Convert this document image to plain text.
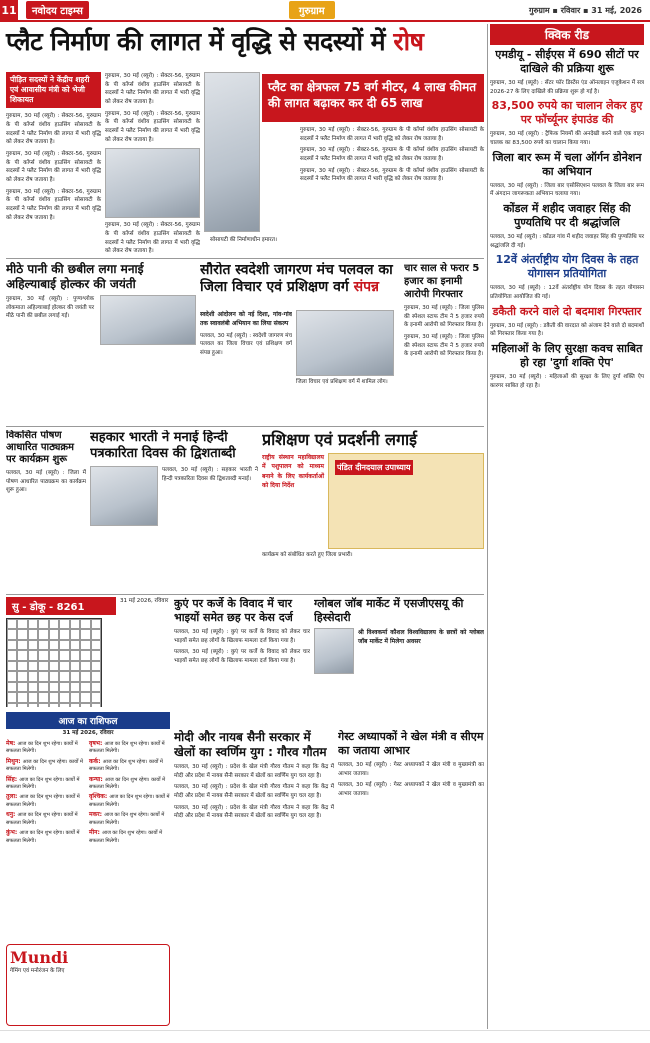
11	नवोदय टाइम्स	गुरुग्राम	गुरुग्राम ▪ रविवार ▪ 31 मई, 2026
प्लैट निर्माण की लागत में वृद्धि से सदस्यों में रोष
पीड़ित सदस्यों ने केंद्रीय शहरी एवं आवासीय मंत्री को भेजी शिकायत
गुरुग्राम, 30 मई (ब्यूरो) : सेक्टर-56, गुरुग्राम के पी कॉर्प्स वंशीय हाउसिंग सोसायटी के सदस्यों ने फ्लैट निर्माण की लागत में भारी वृद्धि को लेकर रोष जताया है।
गुरुग्राम, 30 मई (ब्यूरो) : सेक्टर-56, गुरुग्राम के पी कॉर्प्स वंशीय हाउसिंग सोसायटी के सदस्यों ने फ्लैट निर्माण की लागत में भारी वृद्धि को लेकर रोष जताया है।
गुरुग्राम, 30 मई (ब्यूरो) : सेक्टर-56, गुरुग्राम के पी कॉर्प्स वंशीय हाउसिंग सोसायटी के सदस्यों ने फ्लैट निर्माण की लागत में भारी वृद्धि को लेकर रोष जताया है।
गुरुग्राम, 30 मई (ब्यूरो) : सेक्टर-56, गुरुग्राम के पी कॉर्प्स वंशीय हाउसिंग सोसायटी के सदस्यों ने फ्लैट निर्माण की लागत में भारी वृद्धि को लेकर रोष जताया है।
गुरुग्राम, 30 मई (ब्यूरो) : सेक्टर-56, गुरुग्राम के पी कॉर्प्स वंशीय हाउसिंग सोसायटी के सदस्यों ने फ्लैट निर्माण की लागत में भारी वृद्धि को लेकर रोष जताया है।
गुरुग्राम, 30 मई (ब्यूरो) : सेक्टर-56, गुरुग्राम के पी कॉर्प्स वंशीय हाउसिंग सोसायटी के सदस्यों ने फ्लैट निर्माण की लागत में भारी वृद्धि को लेकर रोष जताया है।
प्लैट का क्षेत्रफल 75 वर्ग मीटर, 4 लाख कीमत की लागत बढ़ाकर कर दी 65 लाख
गुरुग्राम, 30 मई (ब्यूरो) : सेक्टर-56, गुरुग्राम के पी कॉर्प्स वंशीय हाउसिंग सोसायटी के सदस्यों ने फ्लैट निर्माण की लागत में भारी वृद्धि को लेकर रोष जताया है।
गुरुग्राम, 30 मई (ब्यूरो) : सेक्टर-56, गुरुग्राम के पी कॉर्प्स वंशीय हाउसिंग सोसायटी के सदस्यों ने फ्लैट निर्माण की लागत में भारी वृद्धि को लेकर रोष जताया है।
गुरुग्राम, 30 मई (ब्यूरो) : सेक्टर-56, गुरुग्राम के पी कॉर्प्स वंशीय हाउसिंग सोसायटी के सदस्यों ने फ्लैट निर्माण की लागत में भारी वृद्धि को लेकर रोष जताया है।
सोसायटी की निर्माणाधीन इमारत।
मीठे पानी की छबील लगा मनाई अहिल्याबाई होल्कर की जयंती
गुरुग्राम, 30 मई (ब्यूरो) : पुण्यश्लोक लोकमाता अहिल्याबाई होल्कर की जयंती पर मीठे पानी की छबील लगाई गई।
सौरोत स्वदेशी जागरण मंच पलवल का जिला विचार एवं प्रशिक्षण वर्ग संपन्न
स्वदेशी आंदोलन को नई दिशा, गांव-गांव तक स्वावलंबी अभियान का लिया संकल्प
पलवल, 30 मई (ब्यूरो) : स्वदेशी जागरण मंच पलवल का जिला विचार एवं प्रशिक्षण वर्ग संपन्न हुआ।
जिला विचार एवं प्रशिक्षण वर्ग में शामिल लोग।
चार साल से फरार 5 हजार का इनामी आरोपी गिरफ्तार
गुरुग्राम, 30 मई (ब्यूरो) : जिला पुलिस की स्पेशल स्टाफ टीम ने 5 हजार रुपये के इनामी आरोपी को गिरफ्तार किया है।
गुरुग्राम, 30 मई (ब्यूरो) : जिला पुलिस की स्पेशल स्टाफ टीम ने 5 हजार रुपये के इनामी आरोपी को गिरफ्तार किया है।
विकसित पोषण आधारित पाठ्यक्रम पर कार्यक्रम शुरू
पलवल, 30 मई (ब्यूरो) : जिला में पोषण आधारित पाठ्यक्रम का कार्यक्रम शुरू हुआ।
सहकार भारती ने मनाई हिन्दी पत्रकारिता दिवस की द्विशताब्दी
पलवल, 30 मई (ब्यूरो) : सहकार भारती ने हिन्दी पत्रकारिता दिवस की द्विशताब्दी मनाई।
प्रशिक्षण एवं प्रदर्शनी लगाई
राष्ट्रीय संस्थान महाविद्यालय में पशुपालन को माध्यम बनाने के लिए कार्यकर्ताओं को दिया निर्देश
पंडित दीनदयाल उपाध्याय
कार्यक्रम को संबोधित करते हुए जिला प्रभारी।
सु - डोकू - 8261
31 मई 2026, रविवार कुएं पर कर्जे के विवाद में चार भाइयों समेत छह पर केस दर्ज
पलवल, 30 मई (ब्यूरो) : कुएं पर कर्जे के विवाद को लेकर चार भाइयों समेत छह लोगों के खिलाफ मामला दर्ज किया गया है।
पलवल, 30 मई (ब्यूरो) : कुएं पर कर्जे के विवाद को लेकर चार भाइयों समेत छह लोगों के खिलाफ मामला दर्ज किया गया है।
ग्लोबल जॉब मार्केट में एसजीएसयू की हिस्सेदारी
श्री विश्वकर्मा कौशल विश्वविद्यालय के छात्रों को ग्लोबल जॉब मार्केट में मिलेगा अवसर
आज का राशिफल
31 मई 2026, रविवार
मेष: आज का दिन शुभ रहेगा। कार्यों में सफलता मिलेगी।
वृषभ: आज का दिन शुभ रहेगा। कार्यों में सफलता मिलेगी।
मिथुन: आज का दिन शुभ रहेगा। कार्यों में सफलता मिलेगी।
कर्क: आज का दिन शुभ रहेगा। कार्यों में सफलता मिलेगी।
सिंह: आज का दिन शुभ रहेगा। कार्यों में सफलता मिलेगी।
कन्या: आज का दिन शुभ रहेगा। कार्यों में सफलता मिलेगी।
तुला: आज का दिन शुभ रहेगा। कार्यों में सफलता मिलेगी।
वृश्चिक: आज का दिन शुभ रहेगा। कार्यों में सफलता मिलेगी।
धनु: आज का दिन शुभ रहेगा। कार्यों में सफलता मिलेगी।
मकर: आज का दिन शुभ रहेगा। कार्यों में सफलता मिलेगी।
कुंभ: आज का दिन शुभ रहेगा। कार्यों में सफलता मिलेगी।
मीन: आज का दिन शुभ रहेगा। कार्यों में सफलता मिलेगी।
Mundi
गेमिंग एवं मनोरंजन के लिए
मोदी और नायब सैनी सरकार में खेलों का स्वर्णिम युग : गौरव गौतम
पलवल, 30 मई (ब्यूरो) : प्रदेश के खेल मंत्री गौरव गौतम ने कहा कि केंद्र में मोदी और प्रदेश में नायब सैनी सरकार में खेलों का स्वर्णिम युग चल रहा है।
पलवल, 30 मई (ब्यूरो) : प्रदेश के खेल मंत्री गौरव गौतम ने कहा कि केंद्र में मोदी और प्रदेश में नायब सैनी सरकार में खेलों का स्वर्णिम युग चल रहा है।
पलवल, 30 मई (ब्यूरो) : प्रदेश के खेल मंत्री गौरव गौतम ने कहा कि केंद्र में मोदी और प्रदेश में नायब सैनी सरकार में खेलों का स्वर्णिम युग चल रहा है।
गेस्ट अध्यापकों ने खेल मंत्री व सीएम का जताया आभार
पलवल, 30 मई (ब्यूरो) : गेस्ट अध्यापकों ने खेल मंत्री व मुख्यमंत्री का आभार जताया।
पलवल, 30 मई (ब्यूरो) : गेस्ट अध्यापकों ने खेल मंत्री व मुख्यमंत्री का आभार जताया।
क्विक रीड
एमडीयू - सीईएस में 690 सीटों पर दाखिले की प्रक्रिया शुरू
गुरुग्राम, 30 मई (ब्यूरो) : सेंटर फॉर डिस्टेंस एंड ऑनलाइन एजुकेशन में सत्र 2026-27 के लिए दाखिले की प्रक्रिया शुरू हो गई है।
83,500 रुपये का चालान लेकर हुए पर फॉर्च्यूनर इंपाउंड की
गुरुग्राम, 30 मई (ब्यूरो) : ट्रैफिक नियमों की अनदेखी करने वाले एक वाहन चालक का 83,500 रुपये का चालान किया गया।
जिला बार रूम में चला ऑर्गन डोनेशन का अभियान
पलवल, 30 मई (ब्यूरो) : जिला बार एसोसिएशन पलवल के जिला बार रूम में अंगदान जागरूकता अभियान चलाया गया।
कोंडल में शहीद जवाहर सिंह की पुण्यतिथि पर दी श्रद्धांजलि
पलवल, 30 मई (ब्यूरो) : कोंडल गांव में शहीद जवाहर सिंह की पुण्यतिथि पर श्रद्धांजलि दी गई।
12वें अंतर्राष्ट्रीय योग दिवस के तहत योगासन प्रतियोगिता
पलवल, 30 मई (ब्यूरो) : 12वें अंतर्राष्ट्रीय योग दिवस के तहत योगासन प्रतियोगिता आयोजित की गई।
डकैती करने वाले दो बदमाश गिरफ्तार
गुरुग्राम, 30 मई (ब्यूरो) : डकैती की वारदात को अंजाम देने वाले दो बदमाशों को गिरफ्तार किया गया है।
महिलाओं के लिए सुरक्षा कवच साबित हो रहा 'दुर्गा शक्ति ऐप'
गुरुग्राम, 30 मई (ब्यूरो) : महिलाओं की सुरक्षा के लिए दुर्गा शक्ति ऐप कारगर साबित हो रहा है।
